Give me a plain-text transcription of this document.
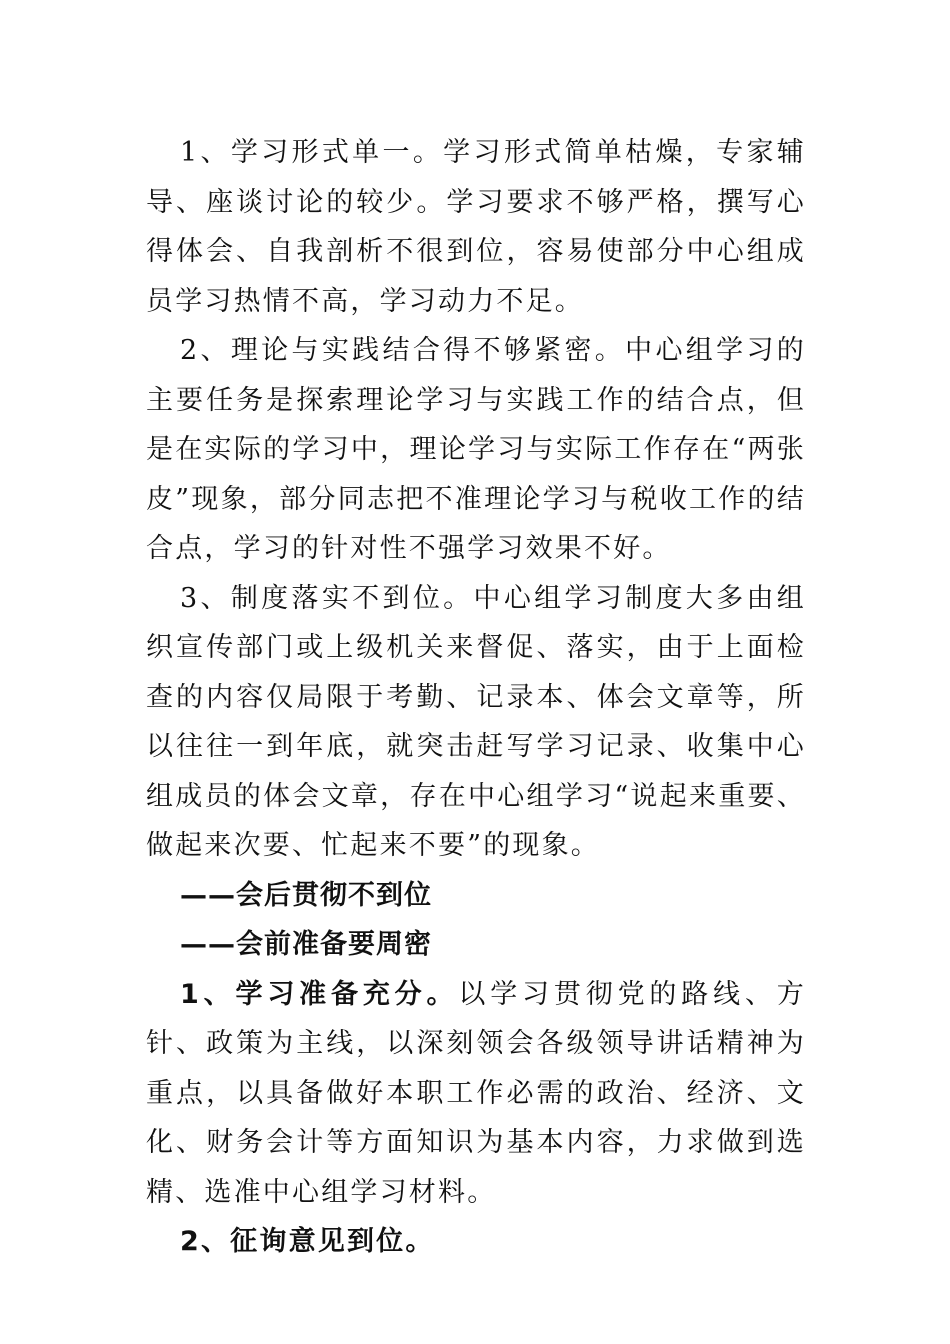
1、学习形式单一。学习形式简单枯燥，专家辅导、座谈讨论的较少。学习要求不够严格，撰写心得体会、自我剖析不很到位，容易使部分中心组成员学习热情不高，学习动力不足。

2、理论与实践结合得不够紧密。中心组学习的主要任务是探索理论学习与实践工作的结合点，但是在实际的学习中，理论学习与实际工作存在“两张皮”现象，部分同志把不准理论学习与税收工作的结合点，学习的针对性不强学习效果不好。

3、制度落实不到位。中心组学习制度大多由组织宣传部门或上级机关来督促、落实，由于上面检查的内容仅局限于考勤、记录本、体会文章等，所以往往一到年底，就突击赶写学习记录、收集中心组成员的体会文章，存在中心组学习“说起来重要、做起来次要、忙起来不要”的现象。

——会后贯彻不到位

——会前准备要周密

1、学习准备充分。以学习贯彻党的路线、方针、政策为主线，以深刻领会各级领导讲话精神为重点，以具备做好本职工作必需的政治、经济、文化、财务会计等方面知识为基本内容，力求做到选精、选准中心组学习材料。

2、征询意见到位。
